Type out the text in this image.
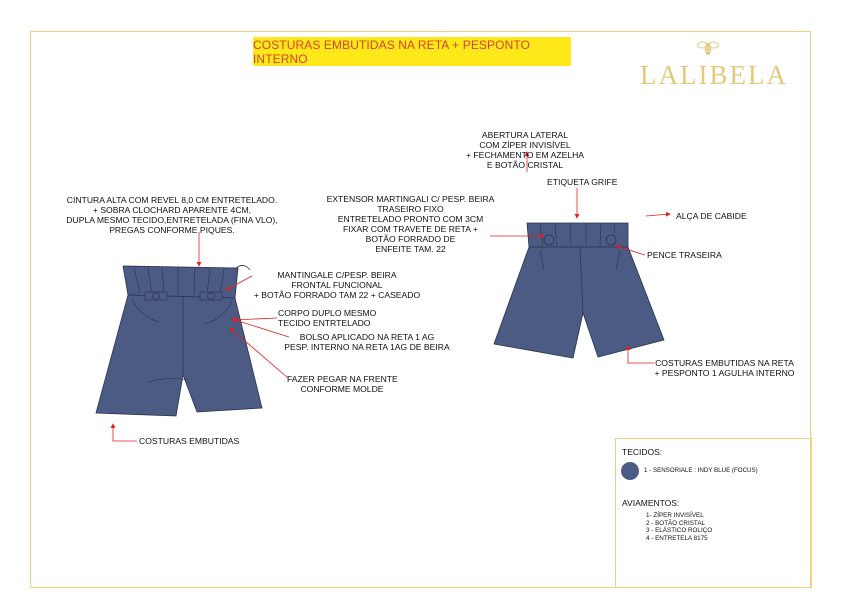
COSTURAS EMBUTIDAS NA RETA + PESPONTO INTERNO
LALIBELA
CINTURA ALTA COM REVEL 8,0 CM ENTRETELADO.
+ SOBRA CLOCHARD APARENTE 4CM,
DUPLA MESMO TECIDO,ENTRETELADA (FINA VLO),
PREGAS CONFORME PIQUES.
MANTINGALE C/PESP. BEIRA
FRONTAL FUNCIONAL
+ BOTÃO FORRADO TAM 22 + CASEADO
CORPO DUPLO MESMO
TECIDO ENTRTELADO
BOLSO APLICADO NA RETA 1 AG
PESP. INTERNO NA RETA 1AG DE BEIRA
FAZER PEGAR NA FRENTE
CONFORME MOLDE
COSTURAS EMBUTIDAS
ABERTURA LATERAL
COM ZÍPER INVISÍVEL
+ FECHAMENTO EM AZELHA
E BOTÃO CRISTAL
ETIQUETA GRIFE
EXTENSOR MARTINGALI C/ PESP. BEIRA
TRASEIRO FIXO
ENTRETELADO PRONTO COM 3CM
FIXAR COM TRAVETE DE RETA +
BOTÃO FORRADO DE
ENFEITE TAM. 22
ALÇA DE CABIDE
PENCE TRASEIRA
COSTURAS EMBUTIDAS NA RETA
+ PESPONTO 1 AGULHA INTERNO
TECIDOS:
1 - SENSORIALE : INDY BLUE (FOCUS)
AVIAMENTOS:
1- ZÍPER INVISÍVEL
2 - BOTÃO CRISTAL
3 - ELÁSTICO ROLIÇO
4 - ENTRETELA 8175
